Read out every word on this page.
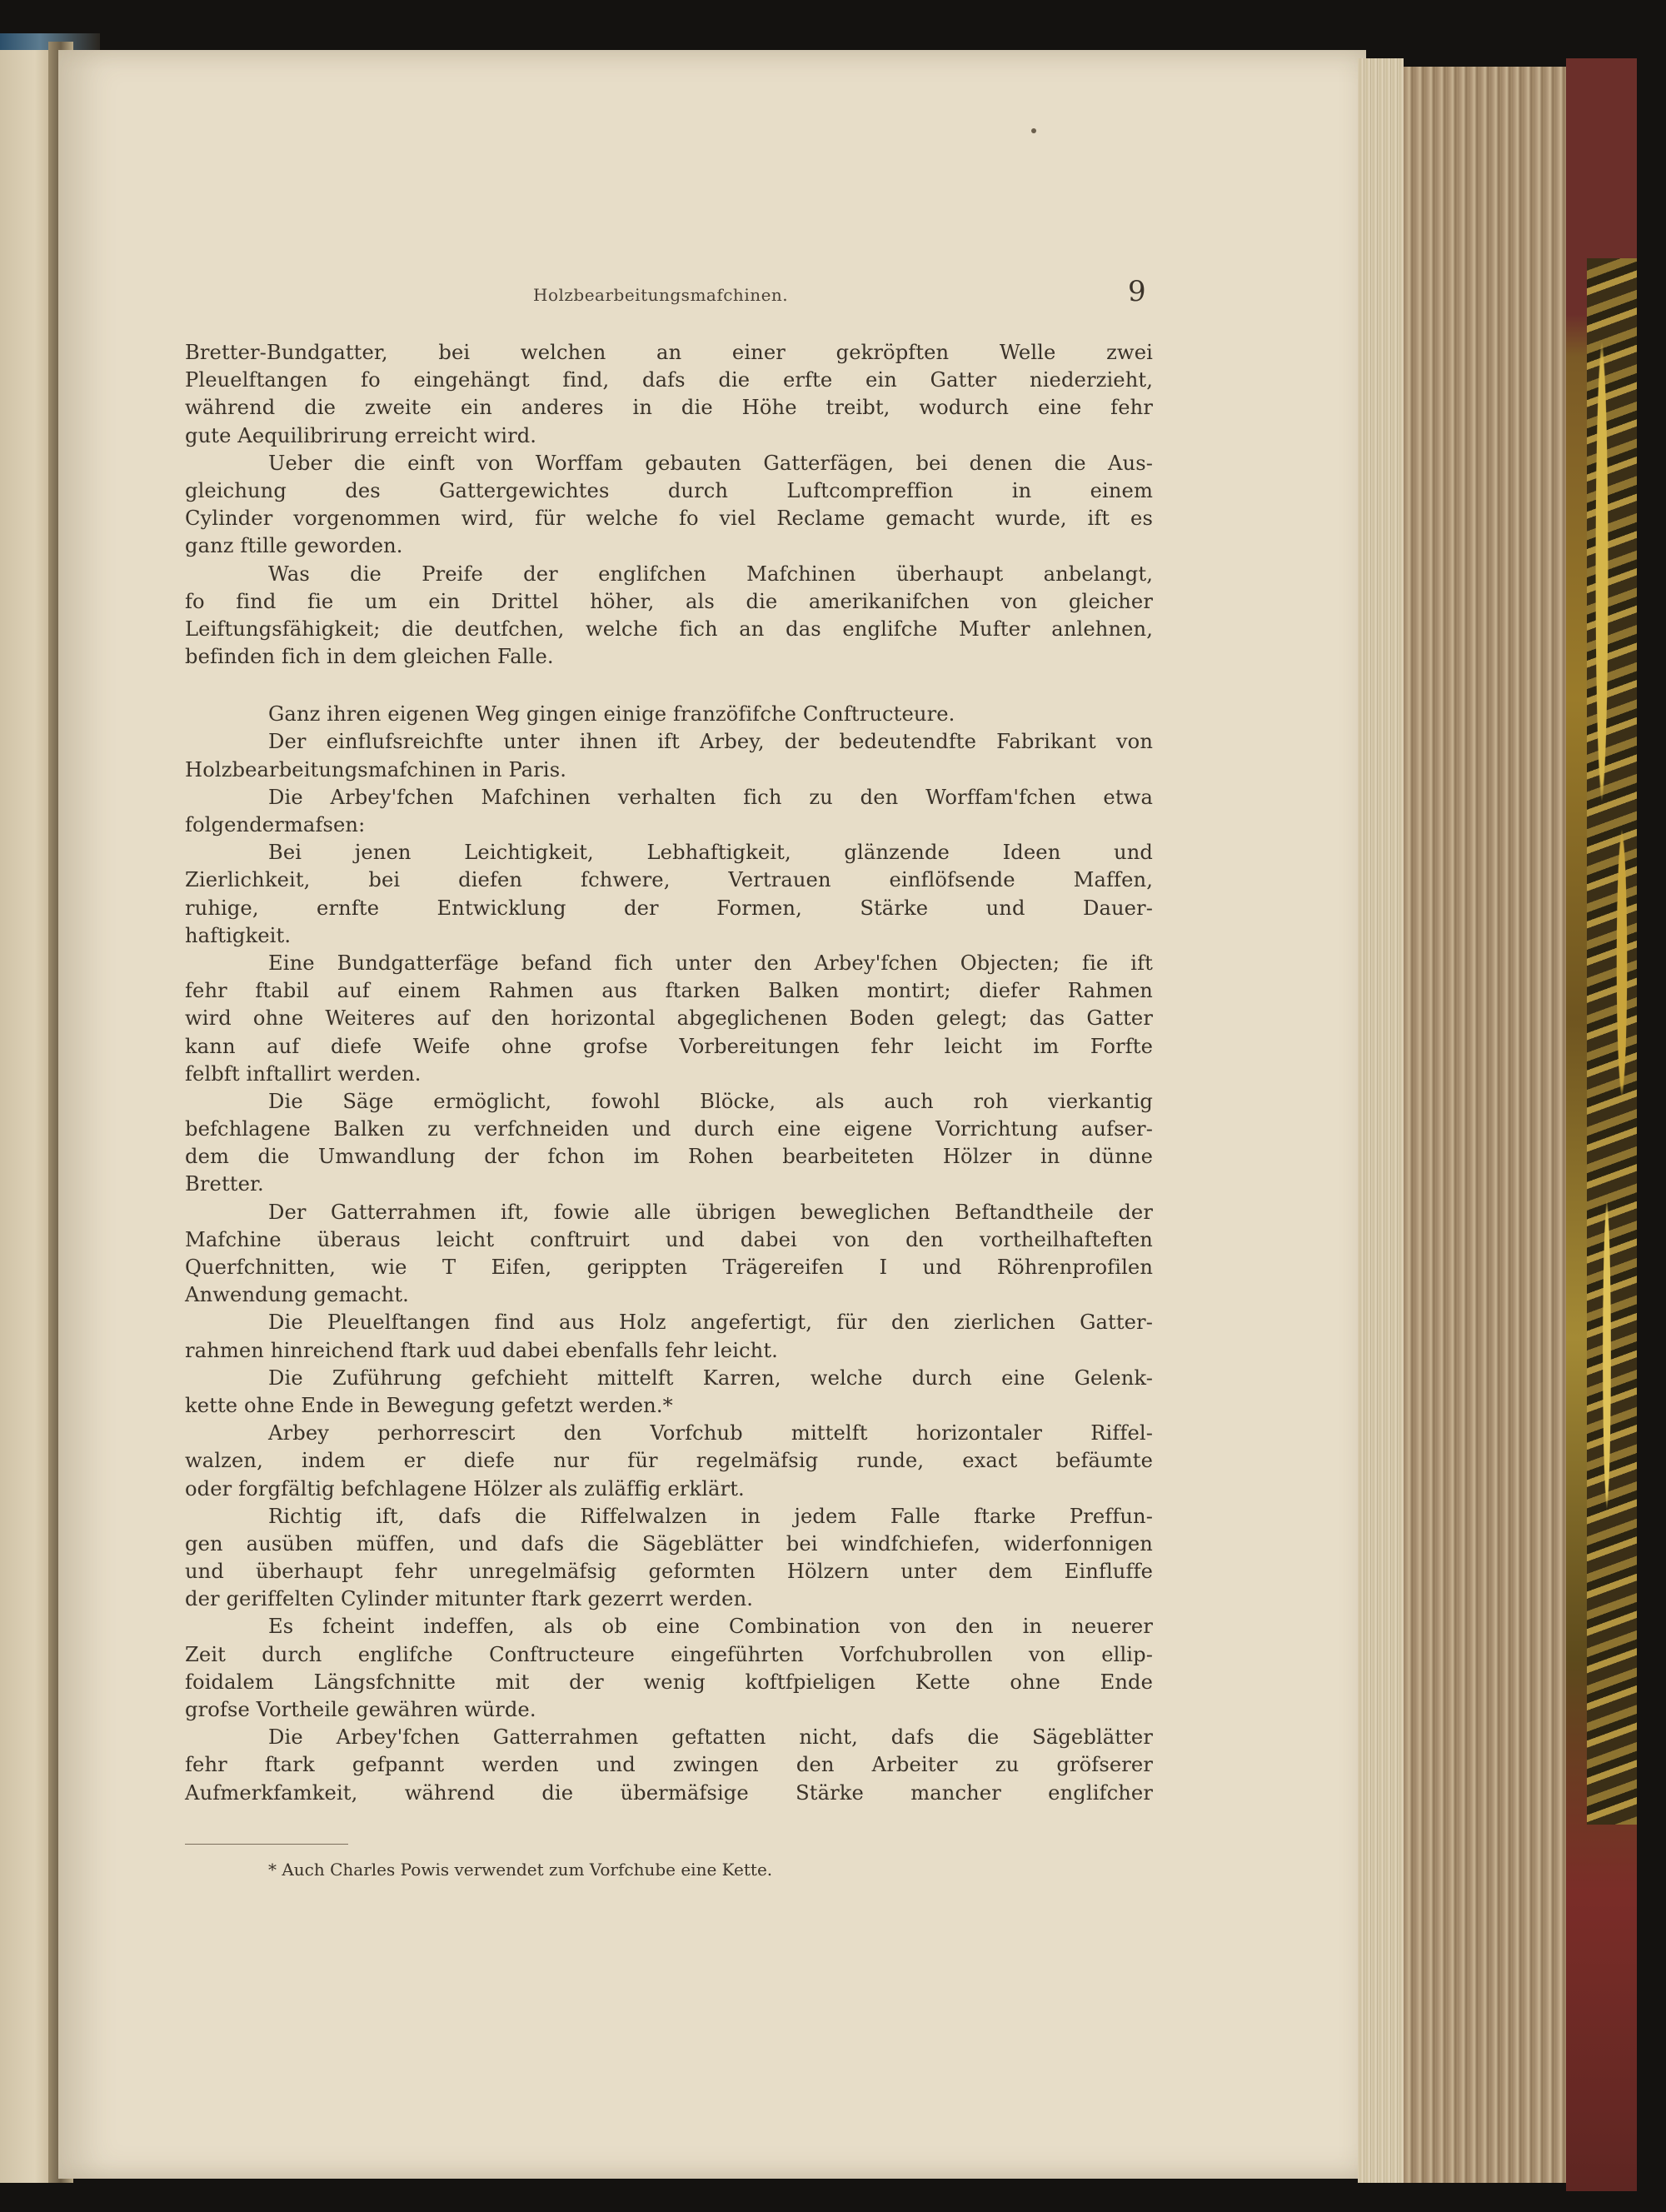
Holzbearbeitungsmafchinen.	9
Bretter-Bundgatter, bei welchen an einer gekröpften Welle zwei
Pleuelftangen fo eingehängt find, dafs die erfte ein Gatter niederzieht,
während die zweite ein anderes in die Höhe treibt, wodurch eine fehr
gute Aequilibrirung erreicht wird.
Ueber die einft von Worffam gebauten Gatterfägen, bei denen die Aus-
gleichung des Gattergewichtes durch Luftcompreffion in einem
Cylinder vorgenommen wird, für welche fo viel Reclame gemacht wurde, ift es
ganz ftille geworden.
Was die Preife der englifchen Mafchinen überhaupt anbelangt,
fo find fie um ein Drittel höher, als die amerikanifchen von gleicher
Leiftungsfähigkeit; die deutfchen, welche fich an das englifche Mufter anlehnen,
befinden fich in dem gleichen Falle.
Ganz ihren eigenen Weg gingen einige franzöfifche Conftructeure.
Der einflufsreichfte unter ihnen ift Arbey, der bedeutendfte Fabrikant von
Holzbearbeitungsmafchinen in Paris.
Die Arbey'fchen Mafchinen verhalten fich zu den Worffam'fchen etwa
folgendermafsen:
Bei jenen Leichtigkeit, Lebhaftigkeit, glänzende Ideen und
Zierlichkeit, bei diefen fchwere, Vertrauen einflöfsende Maffen,
ruhige, ernfte Entwicklung der Formen, Stärke und Dauer-
haftigkeit.
Eine Bundgatterfäge befand fich unter den Arbey'fchen Objecten; fie ift
fehr ftabil auf einem Rahmen aus ftarken Balken montirt; diefer Rahmen
wird ohne Weiteres auf den horizontal abgeglichenen Boden gelegt; das Gatter
kann auf diefe Weife ohne grofse Vorbereitungen fehr leicht im Forfte
felbft inftallirt werden.
Die Säge ermöglicht, fowohl Blöcke, als auch roh vierkantig
befchlagene Balken zu verfchneiden und durch eine eigene Vorrichtung aufser-
dem die Umwandlung der fchon im Rohen bearbeiteten Hölzer in dünne
Bretter.
Der Gatterrahmen ift, fowie alle übrigen beweglichen Beftandtheile der
Mafchine überaus leicht conftruirt und dabei von den vortheilhafteften
Querfchnitten, wie T Eifen, gerippten Trägereifen I und Röhrenprofilen
Anwendung gemacht.
Die Pleuelftangen find aus Holz angefertigt, für den zierlichen Gatter-
rahmen hinreichend ftark uud dabei ebenfalls fehr leicht.
Die Zuführung gefchieht mittelft Karren, welche durch eine Gelenk-
kette ohne Ende in Bewegung gefetzt werden.*
Arbey perhorrescirt den Vorfchub mittelft horizontaler Riffel-
walzen, indem er diefe nur für regelmäfsig runde, exact befäumte
oder forgfältig befchlagene Hölzer als zuläffig erklärt.
Richtig ift, dafs die Riffelwalzen in jedem Falle ftarke Preffun-
gen ausüben müffen, und dafs die Sägeblätter bei windfchiefen, widerfonnigen
und überhaupt fehr unregelmäfsig geformten Hölzern unter dem Einfluffe
der geriffelten Cylinder mitunter ftark gezerrt werden.
Es fcheint indeffen, als ob eine Combination von den in neuerer
Zeit durch englifche Conftructeure eingeführten Vorfchubrollen von ellip-
foidalem Längsfchnitte mit der wenig koftfpieligen Kette ohne Ende
grofse Vortheile gewähren würde.
Die Arbey'fchen Gatterrahmen geftatten nicht, dafs die Sägeblätter
fehr ftark gefpannt werden und zwingen den Arbeiter zu gröfserer
Aufmerkfamkeit, während die übermäfsige Stärke mancher englifcher
* Auch Charles Powis verwendet zum Vorfchube eine Kette.
